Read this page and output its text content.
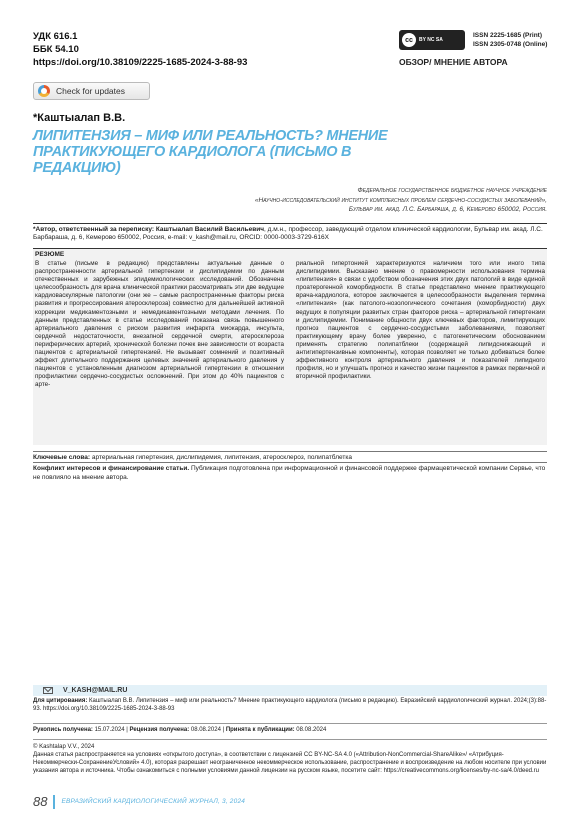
УДК 616.1
ББК 54.10
https://doi.org/10.38109/2225-1685-2024-3-88-93
cc	BY NC SA
ISSN 2225-1685 (Print)
ISSN 2305-0748 (Online)
ОБЗОР/ МНЕНИЕ АВТОРА
Check for updates
*Каштыалап В.В.
ЛИПИТЕНЗИЯ – МИФ ИЛИ РЕАЛЬНОСТЬ? МНЕНИЕ ПРАКТИКУЮЩЕГО КАРДИОЛОГА (ПИСЬМО В РЕДАКЦИЮ)
Федеральное государственное бюджетное научное учреждение
«Научно-исследовательский институт комплексных проблем сердечно-сосудистых заболеваний»,
Бульвар им. акад. Л.С. Барбараша, д. 6, Кемерово 650002, Россия.
*Автор, ответственный за переписку: Каштыалап Василий Васильевич, д.м.н., профессор, заведующий отделом клинической кардиологии, Бульвар им. акад. Л.С. Барбараша, д. 6, Кемерово 650002, Россия, e-mail: v_kash@mail.ru, ORCID: 0000-0003-3729-616X
РЕЗЮМЕ
В статье (письме в редакцию) представлены актуальные данные о распространенности артериальной гипертензии и дислипидемии по данным отечественных и зарубежных эпидемиологических исследований. Обозначена целесообразность для врача клинической практики рассматривать эти две ведущие кардиоваскулярные патологии (они же – самые распространенные факторы риска развития и прогрессирования атеросклероза) совместно для дальнейшей активной коррекции медикаментозными и немедикаментозными методами лечения. По данным представленных в статье исследований показана связь повышенного артериального давления с риском развития инфаркта миокарда, инсульта, сердечной недостаточности, внезапной сердечной смерти, атеросклероза периферических артерий, хронической болезни почек вне зависимости от возраста пациентов с артериальной гипертензией. Не вызывает сомнений и позитивный эффект длительного поддержания целевых значений артериального давления у пациентов с установленным диагнозом артериальной гипертензии в отношении профилактики сердечно-сосудистых осложнений. При этом до 40% пациентов с арте-
риальной гипертонией характеризуются наличием того или иного типа дислипидемии. Высказано мнение о правомерности использования термина «липитензия» в связи с удобством обозначения этих двух патологий в виде единой проатерогенной коморбидности. В статье представлено мнение практикующего врача-кардиолога, которое заключается в целесообразности выделения термина «липитензия» (как патолого-нозологического сочетания (коморбидности) двух ведущих в популяции развитых стран факторов риска – артериальной гипертензии и дислипидемии. Понимание общности двух ключевых факторов, лимитирующих прогноз пациентов с сердечно-сосудистыми заболеваниями, позволяет практикующему врачу более уверенно, с патогенетическим обоснованием применять стратегию полипатблеки (содержащей липидснижающий и антигипертензивные компоненты), которая позволяет не только добиваться более эффективного контроля артериального давления и показателей липидного профиля, но и улучшать прогноз и качество жизни пациентов в рамках первичной и вторичной профилактики.
Ключевые слова: артериальная гипертензия, дислипидемия, липитензия, атеросклероз, полипатблетка
Конфликт интересов и финансирование статьи. Публикация подготовлена при информационной и финансовой поддержке фармацевтической компании Сервье, что не повлияло на мнение автора.
V_KASH@MAIL.RU
Для цитирования: Каштыалап В.В. Липитензия – миф или реальность? Мнение практикующего кардиолога (письмо в редакцию). Евразийский кардиологический журнал. 2024;(3):88-93. https://doi.org/10.38109/2225-1685-2024-3-88-93
Рукопись получена: 15.07.2024 | Рецензия получена: 08.08.2024 | Принята к публикации: 08.08.2024
© Kashtalap V.V., 2024
Данная статья распространяется на условиях «открытого доступа», в соответствии с лицензией CC BY-NC-SA 4.0 («Attribution-NonCommercial-ShareAlike»/ «Атрибуция-Некоммерчески-СохранениеУсловий» 4.0), которая разрешает неограниченное некоммерческое использование, распространение и воспроизведение на любом носителе при условии указания автора и источника. Чтобы ознакомиться с полными условиями данной лицензии на русском языке, посетите сайт: https://creativecommons.org/licenses/by-nc-sa/4.0/deed.ru
88 ЕВРАЗИЙСКИЙ КАРДИОЛОГИЧЕСКИЙ ЖУРНАЛ, 3, 2024
